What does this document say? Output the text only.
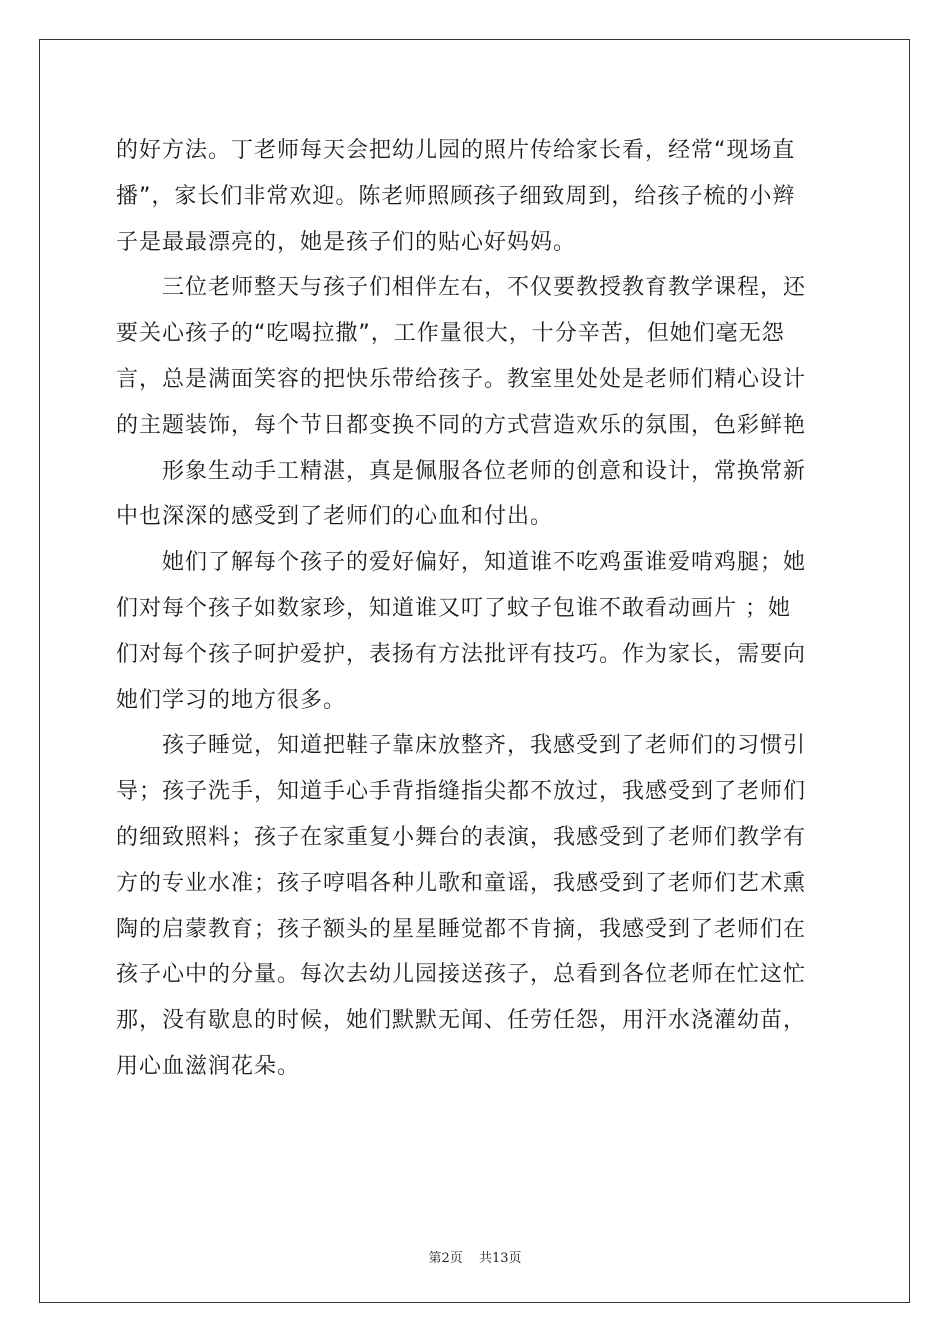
的好方法。丁老师每天会把幼儿园的照片传给家长看，经常“现场直
播”，家长们非常欢迎。陈老师照顾孩子细致周到，给孩子梳的小辫
子是最最漂亮的，她是孩子们的贴心好妈妈。
　　三位老师整天与孩子们相伴左右，不仅要教授教育教学课程，还
要关心孩子的“吃喝拉撒”，工作量很大，十分辛苦，但她们毫无怨
言，总是满面笑容的把快乐带给孩子。教室里处处是老师们精心设计
的主题装饰，每个节日都变换不同的方式营造欢乐的氛围，色彩鲜艳
　　形象生动手工精湛，真是佩服各位老师的创意和设计，常换常新
中也深深的感受到了老师们的心血和付出。
　　她们了解每个孩子的爱好偏好，知道谁不吃鸡蛋谁爱啃鸡腿；她
们对每个孩子如数家珍，知道谁又叮了蚊子包谁不敢看动画片 ；她
们对每个孩子呵护爱护，表扬有方法批评有技巧。作为家长，需要向
她们学习的地方很多。
　　孩子睡觉，知道把鞋子靠床放整齐，我感受到了老师们的习惯引
导；孩子洗手，知道手心手背指缝指尖都不放过，我感受到了老师们
的细致照料；孩子在家重复小舞台的表演，我感受到了老师们教学有
方的专业水准；孩子哼唱各种儿歌和童谣，我感受到了老师们艺术熏
陶的启蒙教育；孩子额头的星星睡觉都不肯摘，我感受到了老师们在
孩子心中的分量。每次去幼儿园接送孩子，总看到各位老师在忙这忙
那，没有歇息的时候，她们默默无闻、任劳任怨，用汗水浇灌幼苗，
用心血滋润花朵。
第2页 共13页
